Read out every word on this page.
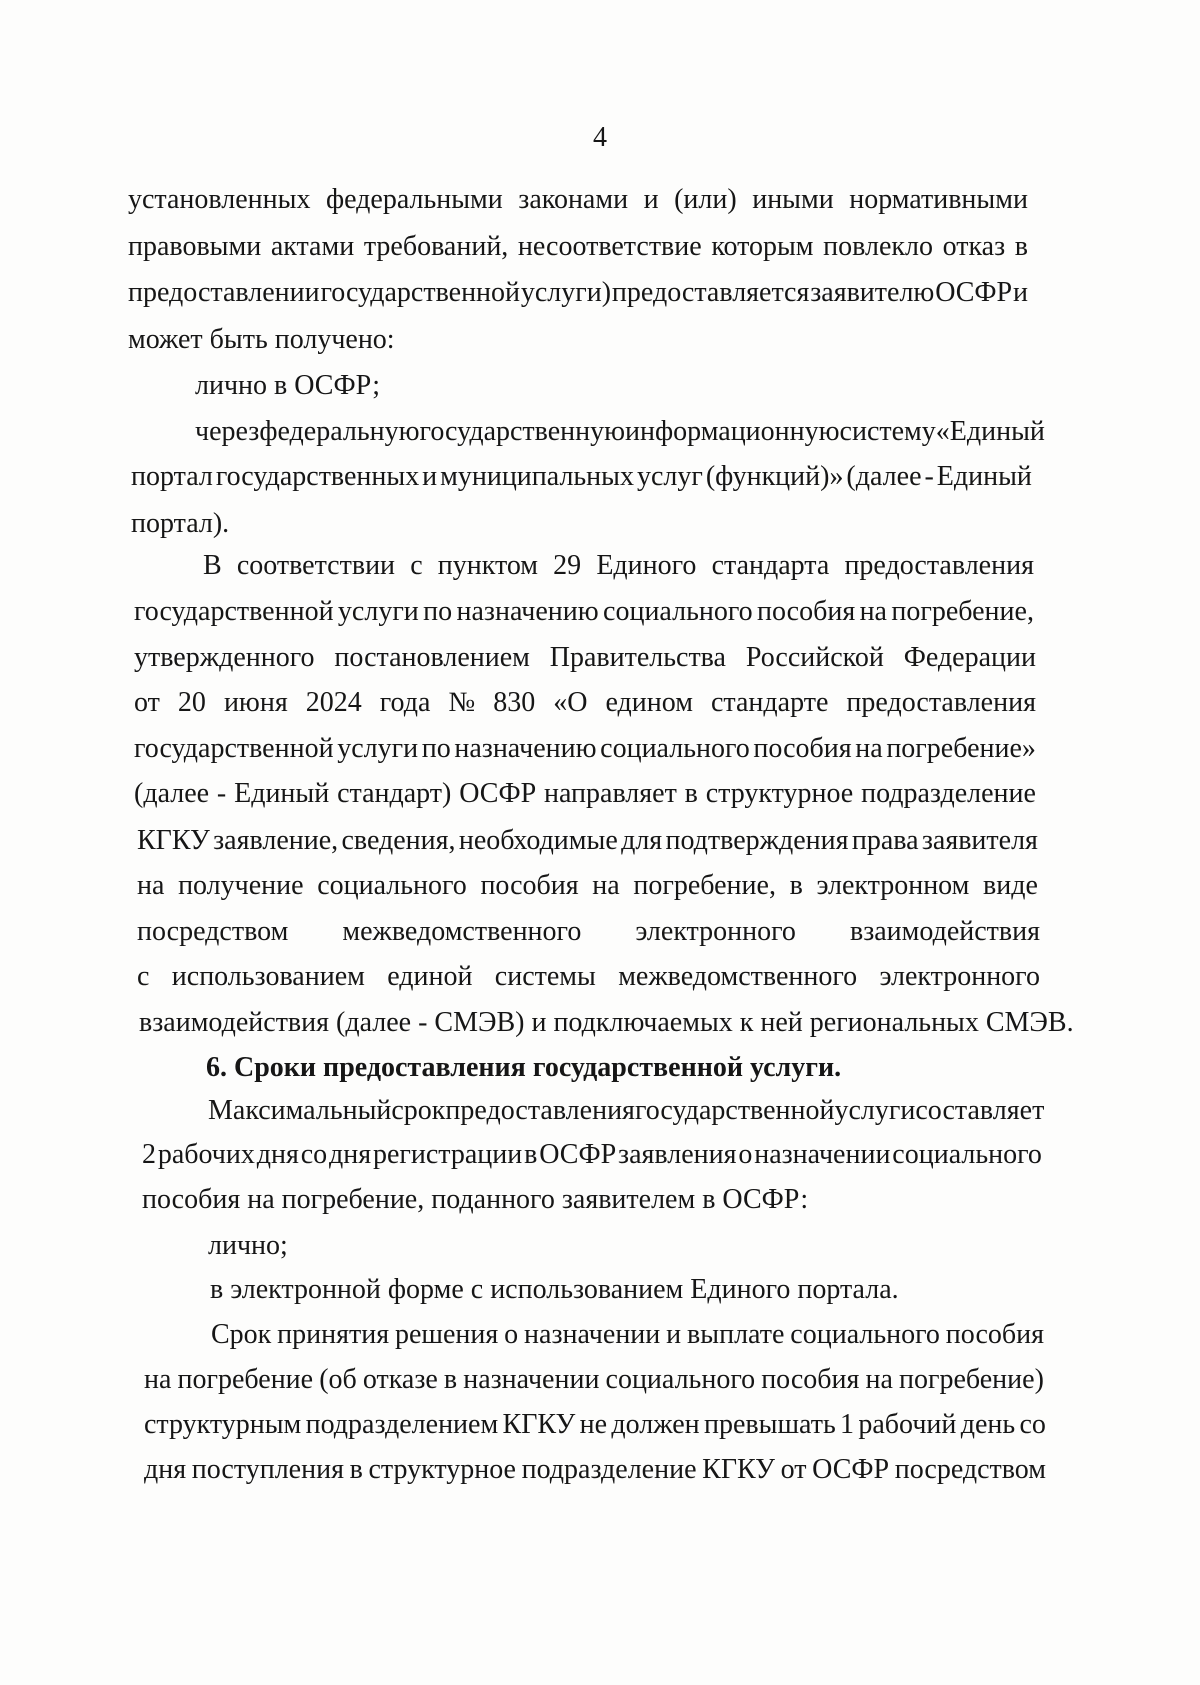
4
установленных федеральными законами и (или) иными нормативными
правовыми актами требований, несоответствие которым повлекло отказ в
предоставлении государственной услуги) предоставляется заявителю ОСФР и
может быть получено:
лично в ОСФР;
через федеральную государственную информационную систему «Единый
портал государственных и муниципальных услуг (функций)» (далее - Единый
портал).
В соответствии с пунктом 29 Единого стандарта предоставления
государственной услуги по назначению социального пособия на погребение,
утвержденного постановлением Правительства Российской Федерации
от 20 июня 2024 года № 830 «О едином стандарте предоставления
государственной услуги по назначению социального пособия на погребение»
(далее - Единый стандарт) ОСФР направляет в структурное подразделение
КГКУ заявление, сведения, необходимые для подтверждения права заявителя
на получение социального пособия на погребение, в электронном виде
посредством межведомственного электронного взаимодействия
с использованием единой системы межведомственного электронного
взаимодействия (далее - СМЭВ) и подключаемых к ней региональных СМЭВ.
6. Сроки предоставления государственной услуги.
Максимальный срок предоставления государственной услуги составляет
2 рабочих дня со дня регистрации в ОСФР заявления о назначении социального
пособия на погребение, поданного заявителем в ОСФР:
лично;
в электронной форме с использованием Единого портала.
Срок принятия решения о назначении и выплате социального пособия
на погребение (об отказе в назначении социального пособия на погребение)
структурным подразделением КГКУ не должен превышать 1 рабочий день со
дня поступления в структурное подразделение КГКУ от ОСФР посредством
